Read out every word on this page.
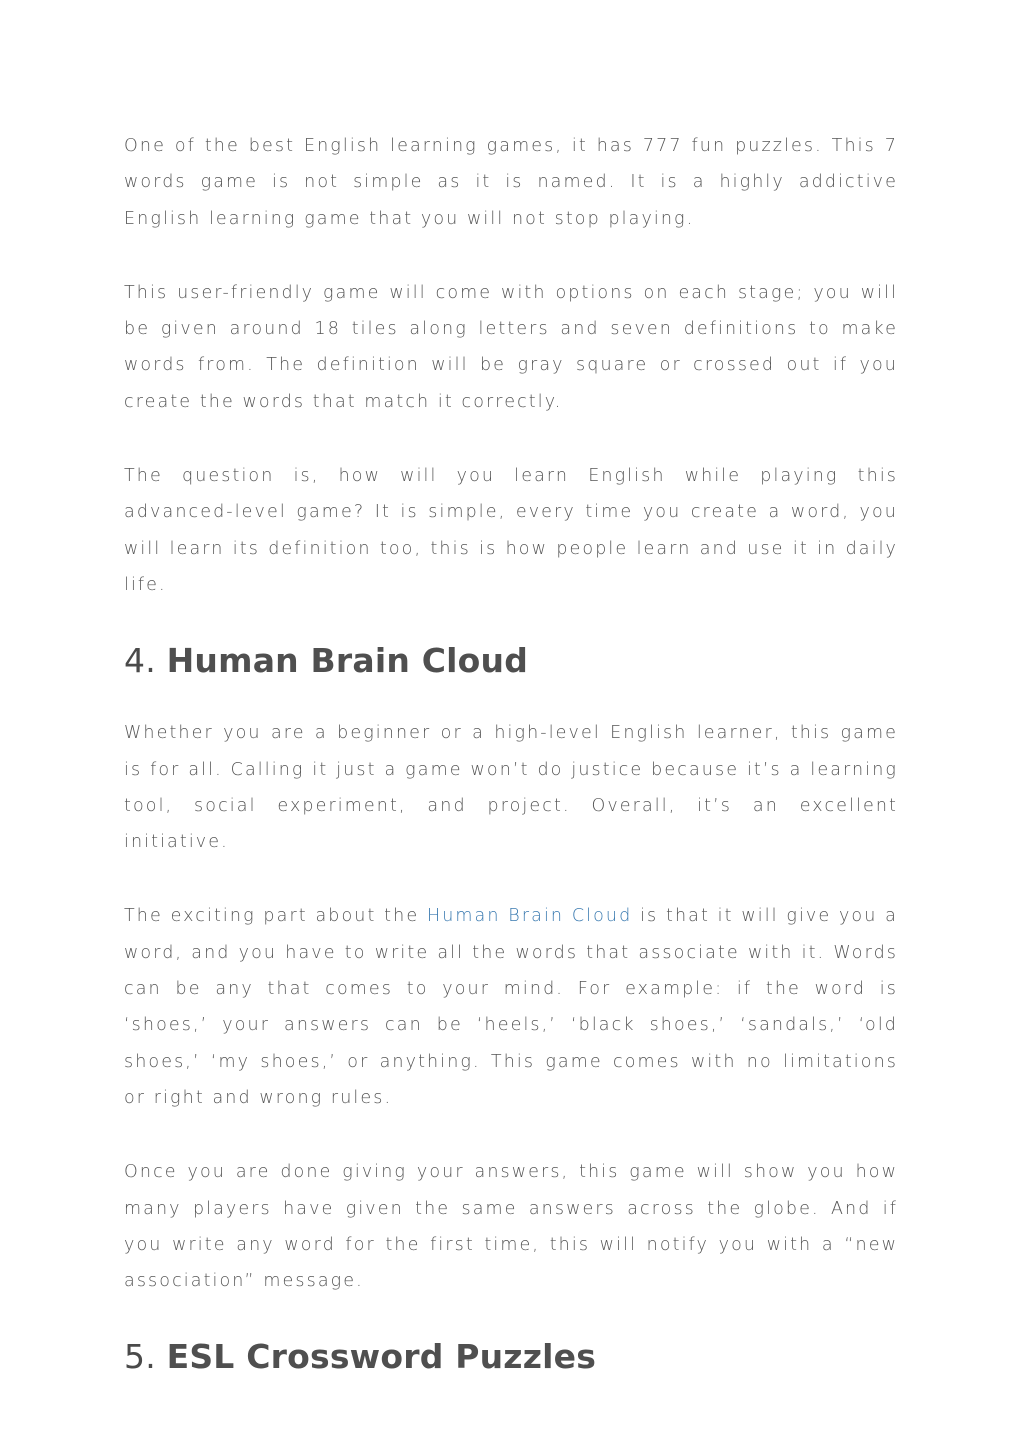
One of the best English learning games, it has 777 fun puzzles. This 7 words game is not simple as it is named. It is a highly addictive English learning game that you will not stop playing.

This user-friendly game will come with options on each stage; you will be given around 18 tiles along letters and seven definitions to make words from. The definition will be gray square or crossed out if you create the words that match it correctly.

The question is, how will you learn English while playing this advanced-level game? It is simple, every time you create a word, you will learn its definition too, this is how people learn and use it in daily life.

4. Human Brain Cloud

Whether you are a beginner or a high-level English learner, this game is for all. Calling it just a game won’t do justice because it’s a learning tool, social experiment, and project. Overall, it’s an excellent initiative.

The exciting part about the Human Brain Cloud is that it will give you a word, and you have to write all the words that associate with it. Words can be any that comes to your mind. For example: if the word is ‘shoes,’ your answers can be ‘heels,’ ‘black shoes,’ ‘sandals,’ ‘old shoes,’ ‘my shoes,’ or anything. This game comes with no limitations or right and wrong rules.

Once you are done giving your answers, this game will show you how many players have given the same answers across the globe. And if you write any word for the first time, this will notify you with a “new association” message.

5. ESL Crossword Puzzles
